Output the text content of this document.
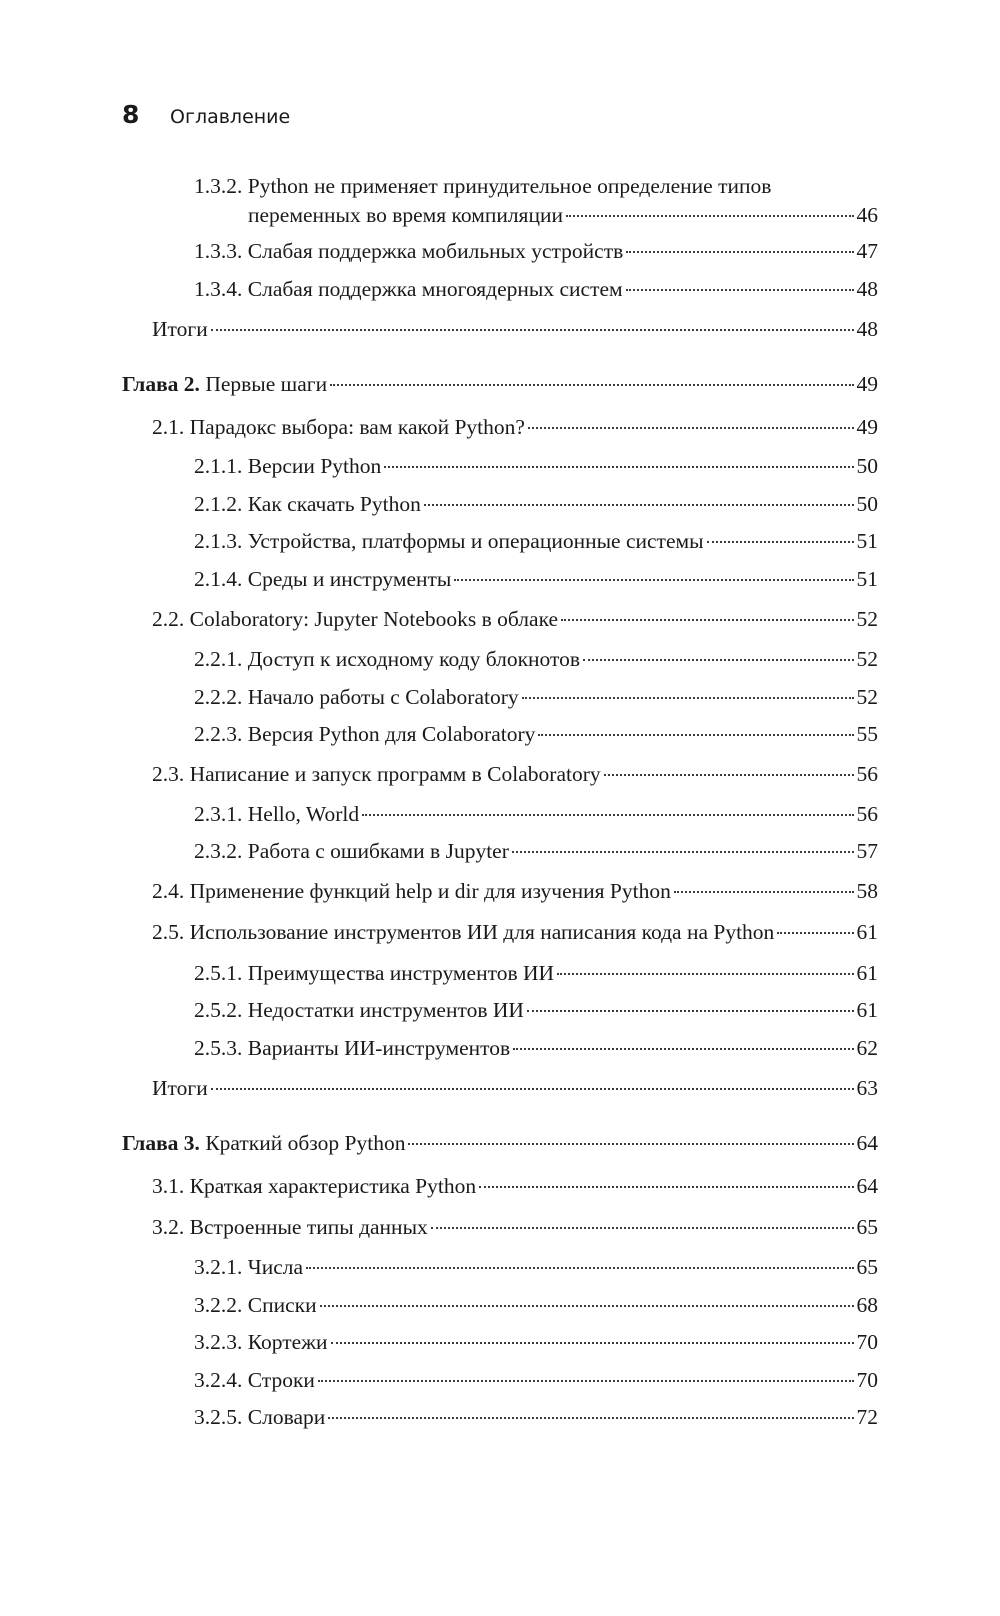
8	Оглавление
1.3.2. Python не применяет принудительное определение типов
переменных во время компиляции	46
1.3.3. Слабая поддержка мобильных устройств	47
1.3.4. Слабая поддержка многоядерных систем	48
Итоги	48
Глава 2. Первые шаги	49
2.1. Парадокс выбора: вам какой Python?	49
2.1.1. Версии Python	50
2.1.2. Как скачать Python	50
2.1.3. Устройства, платформы и операционные системы	51
2.1.4. Среды и инструменты	51
2.2. Colaboratory: Jupyter Notebooks в облаке	52
2.2.1. Доступ к исходному коду блокнотов	52
2.2.2. Начало работы с Colaboratory	52
2.2.3. Версия Python для Colaboratory	55
2.3. Написание и запуск программ в Colaboratory	56
2.3.1. Hello, World	56
2.3.2. Работа с ошибками в Jupyter	57
2.4. Применение функций help и dir для изучения Python	58
2.5. Использование инструментов ИИ для написания кода на Python	61
2.5.1. Преимущества инструментов ИИ	61
2.5.2. Недостатки инструментов ИИ	61
2.5.3. Варианты ИИ-инструментов	62
Итоги	63
Глава 3. Краткий обзор Python	64
3.1. Краткая характеристика Python	64
3.2. Встроенные типы данных	65
3.2.1. Числа	65
3.2.2. Списки	68
3.2.3. Кортежи	70
3.2.4. Строки	70
3.2.5. Словари	72
